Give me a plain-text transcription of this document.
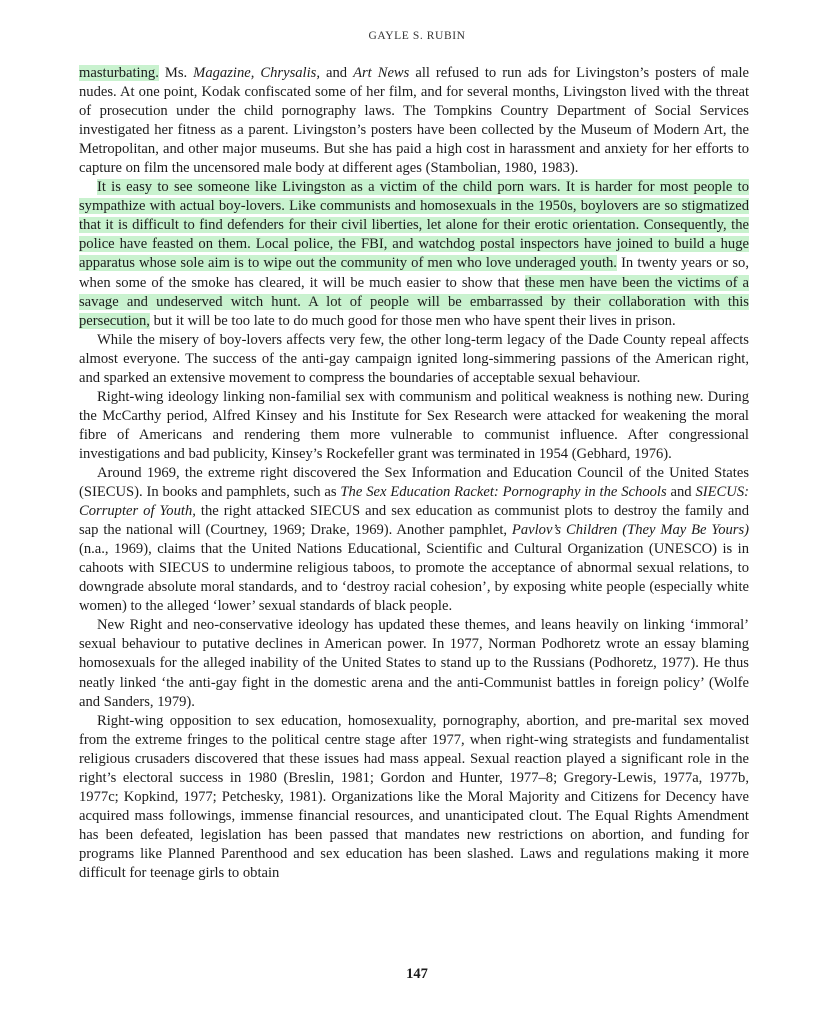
GAYLE S. RUBIN

masturbating. Ms. Magazine, Chrysalis, and Art News all refused to run ads for Livingston’s posters of male nudes. At one point, Kodak confiscated some of her film, and for several months, Livingston lived with the threat of prosecution under the child pornography laws. The Tompkins Country Department of Social Services investigated her fitness as a parent. Livingston’s posters have been collected by the Museum of Modern Art, the Metropolitan, and other major museums. But she has paid a high cost in harassment and anxiety for her efforts to capture on film the uncensored male body at different ages (Stambolian, 1980, 1983).

It is easy to see someone like Livingston as a victim of the child porn wars. It is harder for most people to sympathize with actual boy-lovers. Like communists and homosexuals in the 1950s, boylovers are so stigmatized that it is difficult to find defenders for their civil liberties, let alone for their erotic orientation. Consequently, the police have feasted on them. Local police, the FBI, and watchdog postal inspectors have joined to build a huge apparatus whose sole aim is to wipe out the community of men who love underaged youth. In twenty years or so, when some of the smoke has cleared, it will be much easier to show that these men have been the victims of a savage and undeserved witch hunt. A lot of people will be embarrassed by their collaboration with this persecution, but it will be too late to do much good for those men who have spent their lives in prison.

While the misery of boy-lovers affects very few, the other long-term legacy of the Dade County repeal affects almost everyone. The success of the anti-gay campaign ignited long-simmering passions of the American right, and sparked an extensive movement to compress the boundaries of acceptable sexual behaviour.

Right-wing ideology linking non-familial sex with communism and political weakness is nothing new. During the McCarthy period, Alfred Kinsey and his Institute for Sex Research were attacked for weakening the moral fibre of Americans and rendering them more vulnerable to communist influence. After congressional investigations and bad publicity, Kinsey’s Rockefeller grant was terminated in 1954 (Gebhard, 1976).

Around 1969, the extreme right discovered the Sex Information and Education Council of the United States (SIECUS). In books and pamphlets, such as The Sex Education Racket: Pornography in the Schools and SIECUS: Corrupter of Youth, the right attacked SIECUS and sex education as communist plots to destroy the family and sap the national will (Courtney, 1969; Drake, 1969). Another pamphlet, Pavlov’s Children (They May Be Yours) (n.a., 1969), claims that the United Nations Educational, Scientific and Cultural Organization (UNESCO) is in cahoots with SIECUS to undermine religious taboos, to promote the acceptance of abnormal sexual relations, to downgrade absolute moral standards, and to ‘destroy racial cohesion’, by exposing white people (especially white women) to the alleged ‘lower’ sexual standards of black people.

New Right and neo-conservative ideology has updated these themes, and leans heavily on linking ‘immoral’ sexual behaviour to putative declines in American power. In 1977, Norman Podhoretz wrote an essay blaming homosexuals for the alleged inability of the United States to stand up to the Russians (Podhoretz, 1977). He thus neatly linked ‘the anti-gay fight in the domestic arena and the anti-Communist battles in foreign policy’ (Wolfe and Sanders, 1979).

Right-wing opposition to sex education, homosexuality, pornography, abortion, and pre-marital sex moved from the extreme fringes to the political centre stage after 1977, when right-wing strategists and fundamentalist religious crusaders discovered that these issues had mass appeal. Sexual reaction played a significant role in the right’s electoral success in 1980 (Breslin, 1981; Gordon and Hunter, 1977–8; Gregory-Lewis, 1977a, 1977b, 1977c; Kopkind, 1977; Petchesky, 1981). Organizations like the Moral Majority and Citizens for Decency have acquired mass followings, immense financial resources, and unanticipated clout. The Equal Rights Amendment has been defeated, legislation has been passed that mandates new restrictions on abortion, and funding for programs like Planned Parenthood and sex education has been slashed. Laws and regulations making it more difficult for teenage girls to obtain

147
